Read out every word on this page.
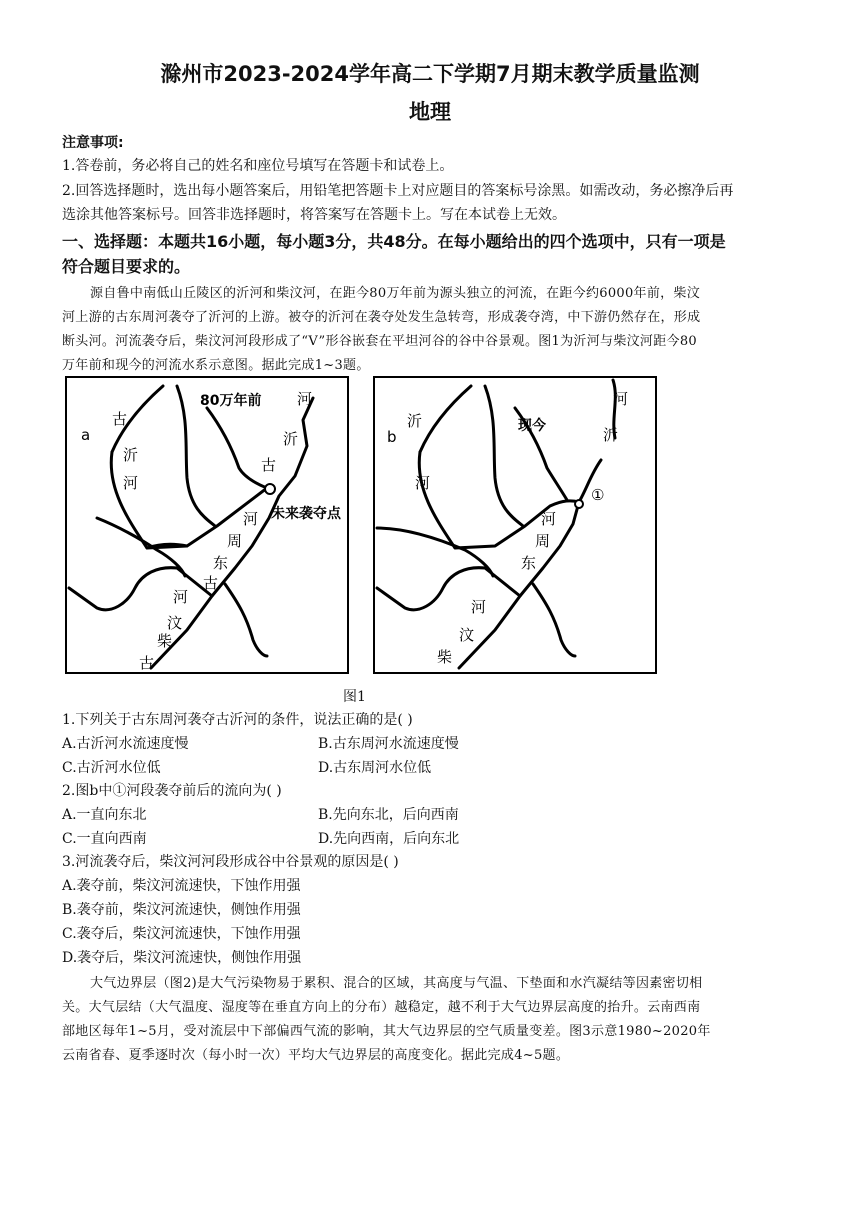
滁州市2023-2024学年高二下学期7月期末教学质量监测
地理
注意事项:
1.答卷前，务必将自己的姓名和座位号填写在答题卡和试卷上。
2.回答选择题时，选出每小题答案后，用铅笔把答题卡上对应题目的答案标号涂黑。如需改动，务必擦净后再
选涂其他答案标号。回答非选择题时，将答案写在答题卡上。写在本试卷上无效。
一、选择题：本题共16小题，每小题3分，共48分。在每小题给出的四个选项中，只有一项是
符合题目要求的。
源自鲁中南低山丘陵区的沂河和柴汶河，在距今80万年前为源头独立的河流，在距今约6000年前，柴汶
河上游的古东周河袭夺了沂河的上游。被夺的沂河在袭夺处发生急转弯，形成袭夺湾，中下游仍然存在，形成
断头河。河流袭夺后，柴汶河河段形成了“V”形谷嵌套在平坦河谷的谷中谷景观。图1为沂河与柴汶河距今80
万年前和现今的河流水系示意图。据此完成1~3题。
a
80万年前
古
沂
河
河
沂
古
未来袭夺点
河
周
东
古
河
汶
柴
古
b
现今
沂
河
河
沂
①
河
周
东
河
汶
柴
图1
1.下列关于古东周河袭夺古沂河的条件，说法正确的是( )
A.古沂河水流速度慢	B.古东周河水流速度慢
C.古沂河水位低	D.古东周河水位低
2.图b中①河段袭夺前后的流向为( )
A.一直向东北	B.先向东北，后向西南
C.一直向西南	D.先向西南，后向东北
3.河流袭夺后，柴汶河河段形成谷中谷景观的原因是( )
A.袭夺前，柴汶河流速快，下蚀作用强
B.袭夺前，柴汶河流速快，侧蚀作用强
C.袭夺后，柴汶河流速快，下蚀作用强
D.袭夺后，柴汶河流速快，侧蚀作用强
大气边界层（图2)是大气污染物易于累积、混合的区域，其高度与气温、下垫面和水汽凝结等因素密切相
关。大气层结（大气温度、湿度等在垂直方向上的分布）越稳定，越不利于大气边界层高度的抬升。云南西南
部地区每年1~5月，受对流层中下部偏西气流的影响，其大气边界层的空气质量变差。图3示意1980~2020年
云南省春、夏季逐时次（每小时一次）平均大气边界层的高度变化。据此完成4~5题。
